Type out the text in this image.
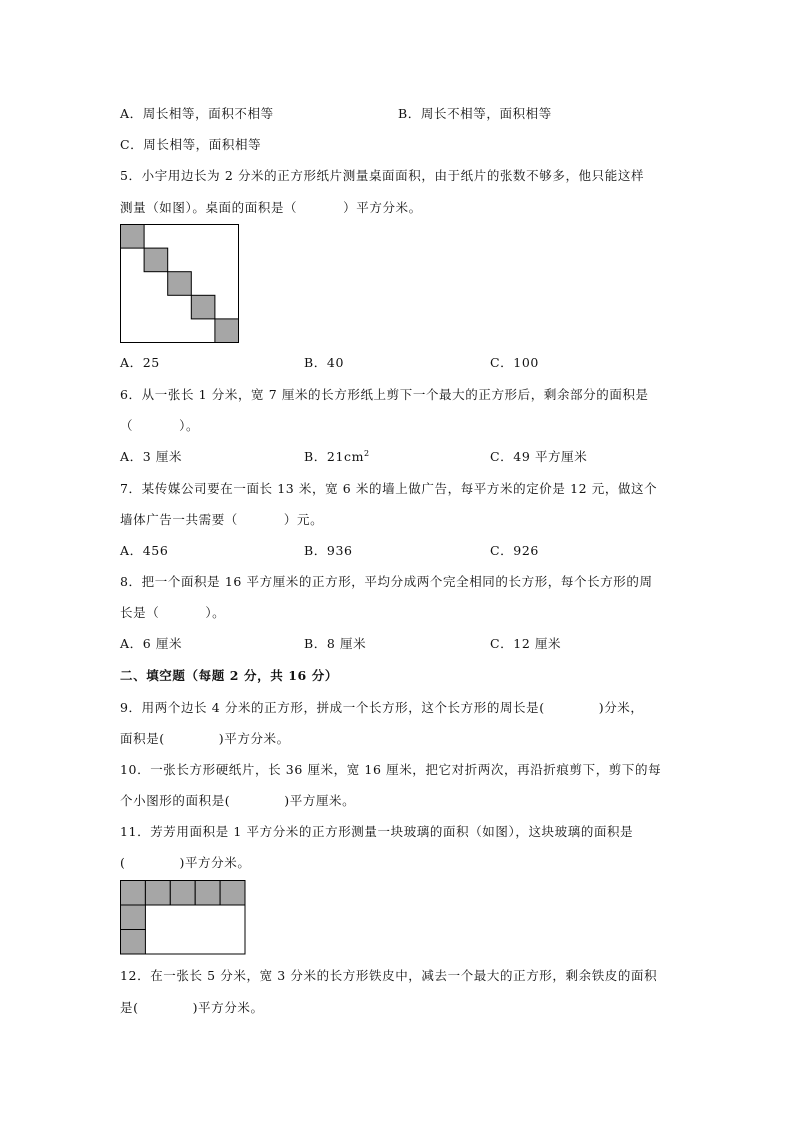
A．周长相等，面积不相等	B．周长不相等，面积相等
C．周长相等，面积相等
5．小宇用边长为 2 分米的正方形纸片测量桌面面积，由于纸片的张数不够多，他只能这样
测量（如图）。桌面的面积是（	）平方分米。
A．25	B．40	C．100
6．从一张长 1 分米，宽 7 厘米的长方形纸上剪下一个最大的正方形后，剩余部分的面积是
（	）。
A．3 厘米	B．$21cm^2$	C．49 平方厘米
7．某传媒公司要在一面长 13 米，宽 6 米的墙上做广告，每平方米的定价是 12 元，做这个
墙体广告一共需要（	）元。
A．456	B．936	C．926
8．把一个面积是 16 平方厘米的正方形，平均分成两个完全相同的长方形，每个长方形的周
长是（	）。
A．6 厘米	B．8 厘米	C．12 厘米
二、填空题（每题 2 分，共 16 分）
9．用两个边长 4 分米的正方形，拼成一个长方形，这个长方形的周长是(	)分米，
面积是(	)平方分米。
10．一张长方形硬纸片，长 36 厘米，宽 16 厘米，把它对折两次，再沿折痕剪下，剪下的每
个小图形的面积是(	)平方厘米。
11．芳芳用面积是 1 平方分米的正方形测量一块玻璃的面积（如图），这块玻璃的面积是
(	)平方分米。
12．在一张长 5 分米，宽 3 分米的长方形铁皮中，减去一个最大的正方形，剩余铁皮的面积
是(	)平方分米。
